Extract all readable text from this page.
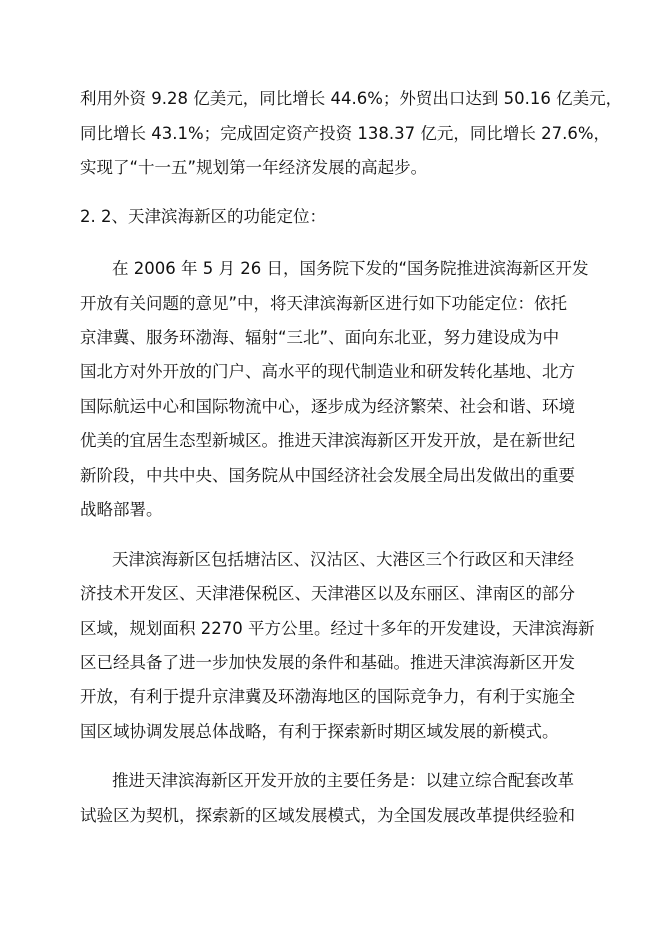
利用外资 9.28 亿美元，同比增长 44.6%；外贸出口达到 50.16 亿美元，
同比增长 43.1%；完成固定资产投资 138.37 亿元，同比增长 27.6%，
实现了“十一五”规划第一年经济发展的高起步。
2. 2、天津滨海新区的功能定位：
在 2006 年 5 月 26 日，国务院下发的“国务院推进滨海新区开发
开放有关问题的意见”中，将天津滨海新区进行如下功能定位：依托
京津冀、服务环渤海、辐射“三北”、面向东北亚，努力建设成为中
国北方对外开放的门户、高水平的现代制造业和研发转化基地、北方
国际航运中心和国际物流中心，逐步成为经济繁荣、社会和谐、环境
优美的宜居生态型新城区。推进天津滨海新区开发开放，是在新世纪
新阶段，中共中央、国务院从中国经济社会发展全局出发做出的重要
战略部署。
天津滨海新区包括塘沽区、汉沽区、大港区三个行政区和天津经
济技术开发区、天津港保税区、天津港区以及东丽区、津南区的部分
区域，规划面积 2270 平方公里。经过十多年的开发建设，天津滨海新
区已经具备了进一步加快发展的条件和基础。推进天津滨海新区开发
开放，有利于提升京津冀及环渤海地区的国际竞争力，有利于实施全
国区域协调发展总体战略，有利于探索新时期区域发展的新模式。
推进天津滨海新区开发开放的主要任务是：以建立综合配套改革
试验区为契机，探索新的区域发展模式，为全国发展改革提供经验和
